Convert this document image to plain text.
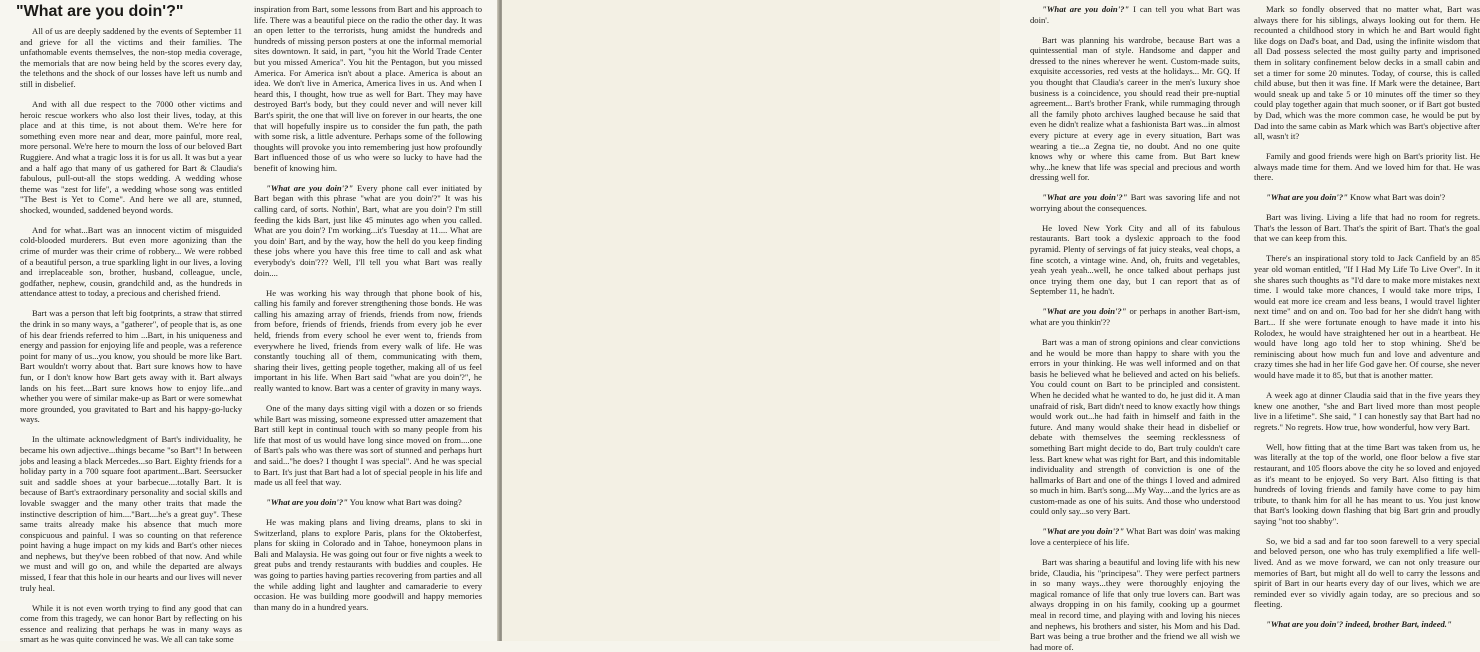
"What are you doin'?"

All of us are deeply saddened by the events of September 11 and grieve for all the victims and their families. The unfathomable events themselves, the non-stop media coverage, the memorials that are now being held by the scores every day, the telethons and the shock of our losses have left us numb and still in disbelief.

And with all due respect to the 7000 other victims and heroic rescue workers who also lost their lives, today, at this place and at this time, is not about them. We're here for something even more near and dear, more painful, more real, more personal. We're here to mourn the loss of our beloved Bart Ruggiere. And what a tragic loss it is for us all. It was but a year and a half ago that many of us gathered for Bart & Claudia's fabulous, pull-out-all the stops wedding. A wedding whose theme was "zest for life", a wedding whose song was entitled "The Best is Yet to Come". And here we all are, stunned, shocked, wounded, saddened beyond words.

And for what...Bart was an innocent victim of misguided cold-blooded murderers. But even more agonizing than the crime of murder was their crime of robbery... We were robbed of a beautiful person, a true sparkling light in our lives, a loving and irreplaceable son, brother, husband, colleague, uncle, godfather, nephew, cousin, grandchild and, as the hundreds in attendance attest to today, a precious and cherished friend.

Bart was a person that left big footprints, a straw that stirred the drink in so many ways, a "gatherer", of people that is, as one of his dear friends referred to him ...Bart, in his uniqueness and energy and passion for enjoying life and people, was a reference point for many of us...you know, you should be more like Bart. Bart wouldn't worry about that. Bart sure knows how to have fun, or I don't know how Bart gets away with it. Bart always lands on his feet....Bart sure knows how to enjoy life...and whether you were of similar make-up as Bart or were somewhat more grounded, you gravitated to Bart and his happy-go-lucky ways.

In the ultimate acknowledgment of Bart's individuality, he became his own adjective...things became "so Bart"! In between jobs and leasing a black Mercedes...so Bart. Eighty friends for a holiday party in a 700 square foot apartment...Bart. Seersucker suit and saddle shoes at your barbecue....totally Bart. It is because of Bart's extraordinary personality and social skills and lovable swagger and the many other traits that made the instinctive description of him...."Bart....he's a great guy". These same traits already make his absence that much more conspicuous and painful. I was so counting on that reference point having a huge impact on my kids and Bart's other nieces and nephews, but they've been robbed of that now. And while we must and will go on, and while the departed are always missed, I fear that this hole in our hearts and our lives will never truly heal.

While it is not even worth trying to find any good that can come from this tragedy, we can honor Bart by reflecting on his essence and realizing that perhaps he was in many ways as smart as he was quite convinced he was. We all can take some

inspiration from Bart, some lessons from Bart and his approach to life. There was a beautiful piece on the radio the other day. It was an open letter to the terrorists, hung amidst the hundreds and hundreds of missing person posters at one the informal memorial sites downtown. It said, in part, "you hit the World Trade Center but you missed America". You hit the Pentagon, but you missed America. For America isn't about a place. America is about an idea. We don't live in America, America lives in us. And when I heard this, I thought, how true as well for Bart. They may have destroyed Bart's body, but they could never and will never kill Bart's spirit, the one that will live on forever in our hearts, the one that will hopefully inspire us to consider the fun path, the path with some risk, a little adventure. Perhaps some of the following thoughts will provoke you into remembering just how profoundly Bart influenced those of us who were so lucky to have had the benefit of knowing him.

"What are you doin'?" Every phone call ever initiated by Bart began with this phrase "what are you doin'?" It was his calling card, of sorts. Nothin', Bart, what are you doin'? I'm still feeding the kids Bart, just like 45 minutes ago when you called. What are you doin'? I'm working...it's Tuesday at 11.... What are you doin' Bart, and by the way, how the hell do you keep finding these jobs where you have this free time to call and ask what everybody's doin'??? Well, I'll tell you what Bart was really doin....

He was working his way through that phone book of his, calling his family and forever strengthening those bonds. He was calling his amazing array of friends, friends from now, friends from before, friends of friends, friends from every job he ever held, friends from every school he ever went to, friends from everywhere he lived, friends from every walk of life. He was constantly touching all of them, communicating with them, sharing their lives, getting people together, making all of us feel important in his life. When Bart said "what are you doin'?", he really wanted to know. Bart was a center of gravity in many ways.

One of the many days sitting vigil with a dozen or so friends while Bart was missing, someone expressed utter amazement that Bart still kept in continual touch with so many people from his life that most of us would have long since moved on from....one of Bart's pals who was there was sort of stunned and perhaps hurt and said..."he does? I thought I was special". And he was special to Bart. It's just that Bart had a lot of special people in his life and made us all feel that way.

"What are you doin'?" You know what Bart was doing?

He was making plans and living dreams, plans to ski in Switzerland, plans to explore Paris, plans for the Oktoberfest, plans for skiing in Colorado and in Tahoe, honeymoon plans in Bali and Malaysia. He was going out four or five nights a week to great pubs and trendy restaurants with buddies and couples. He was going to parties having parties recovering from parties and all the while adding light and laughter and camaraderie to every occasion. He was building more goodwill and happy memories than many do in a hundred years.

"What are you doin'?" I can tell you what Bart was doin'.

Bart was planning his wardrobe, because Bart was a quintessential man of style. Handsome and dapper and dressed to the nines wherever he went. Custom-made suits, exquisite accessories, red vests at the holidays... Mr. GQ. If you thought that Claudia's career in the men's luxury shoe business is a coincidence, you should read their pre-nuptial agreement... Bart's brother Frank, while rummaging through all the family photo archives laughed because he said that even he didn't realize what a fashionista Bart was...in almost every picture at every age in every situation, Bart was wearing a tie...a Zegna tie, no doubt. And no one quite knows why or where this came from. But Bart knew why...he knew that life was special and precious and worth dressing well for.

"What are you doin'?" Bart was savoring life and not worrying about the consequences.

He loved New York City and all of its fabulous restaurants. Bart took a dyslexic approach to the food pyramid. Plenty of servings of fat juicy steaks, veal chops, a fine scotch, a vintage wine. And, oh, fruits and vegetables, yeah yeah yeah...well, he once talked about perhaps just once trying them one day, but I can report that as of September 11, he hadn't.

"What are you doin'?" or perhaps in another Bart-ism, what are you thinkin'??

Bart was a man of strong opinions and clear convictions and he would be more than happy to share with you the errors in your thinking. He was well informed and on that basis he believed what he believed and acted on his beliefs. You could count on Bart to be principled and consistent. When he decided what he wanted to do, he just did it. A man unafraid of risk, Bart didn't need to know exactly how things would work out...he had faith in himself and faith in the future. And many would shake their head in disbelief or debate with themselves the seeming recklessness of something Bart might decide to do, Bart truly couldn't care less. Bart knew what was right for Bart, and this indomitable individuality and strength of conviction is one of the hallmarks of Bart and one of the things I loved and admired so much in him. Bart's song....My Way....and the lyrics are as custom-made as one of his suits. And those who understood could only say...so very Bart.

"What are you doin'?" What Bart was doin' was making love a centerpiece of his life.

Bart was sharing a beautiful and loving life with his new bride, Claudia, his "principesa". They were perfect partners in so many ways...they were thoroughly enjoying the magical romance of life that only true lovers can. Bart was always dropping in on his family, cooking up a gourmet meal in record time, and playing with and loving his nieces and nephews, his brothers and sister, his Mom and his Dad. Bart was being a true brother and the friend we all wish we had more of.

Mark so fondly observed that no matter what, Bart was always there for his siblings, always looking out for them. He recounted a childhood story in which he and Bart would fight like dogs on Dad's boat, and Dad, using the infinite wisdom that all Dad possess selected the most guilty party and imprisoned them in solitary confinement below decks in a small cabin and set a timer for some 20 minutes. Today, of course, this is called child abuse, but then it was fine. If Mark were the detainee, Bart would sneak up and take 5 or 10 minutes off the timer so they could play together again that much sooner, or if Bart got busted by Dad, which was the more common case, he would be put by Dad into the same cabin as Mark which was Bart's objective after all, wasn't it?

Family and good friends were high on Bart's priority list. He always made time for them. And we loved him for that. He was there.

"What are you doin'?" Know what Bart was doin'?

Bart was living. Living a life that had no room for regrets. That's the lesson of Bart. That's the spirit of Bart. That's the goal that we can keep from this.

There's an inspirational story told to Jack Canfield by an 85 year old woman entitled, "If I Had My Life To Live Over". In it she shares such thoughts as "I'd dare to make more mistakes next time. I would take more chances, I would take more trips, I would eat more ice cream and less beans, I would travel lighter next time" and on and on. Too bad for her she didn't hang with Bart... If she were fortunate enough to have made it into his Rolodex, he would have straightened her out in a heartbeat. He would have long ago told her to stop whining. She'd be reminiscing about how much fun and love and adventure and crazy times she had in her life God gave her. Of course, she never would have made it to 85, but that is another matter.

A week ago at dinner Claudia said that in the five years they knew one another, "she and Bart lived more than most people live in a lifetime". She said, " I can honestly say that Bart had no regrets." No regrets. How true, how wonderful, how very Bart.

Well, how fitting that at the time Bart was taken from us, he was literally at the top of the world, one floor below a five star restaurant, and 105 floors above the city he so loved and enjoyed as it's meant to be enjoyed. So very Bart. Also fitting is that hundreds of loving friends and family have come to pay him tribute, to thank him for all he has meant to us. You just know that Bart's looking down flashing that big Bart grin and proudly saying "not too shabby".

So, we bid a sad and far too soon farewell to a very special and beloved person, one who has truly exemplified a life well-lived. And as we move forward, we can not only treasure our memories of Bart, but might all do well to carry the lessons and spirit of Bart in our hearts every day of our lives, which we are reminded ever so vividly again today, are so precious and so fleeting.

"What are you doin'? indeed, brother Bart, indeed."
